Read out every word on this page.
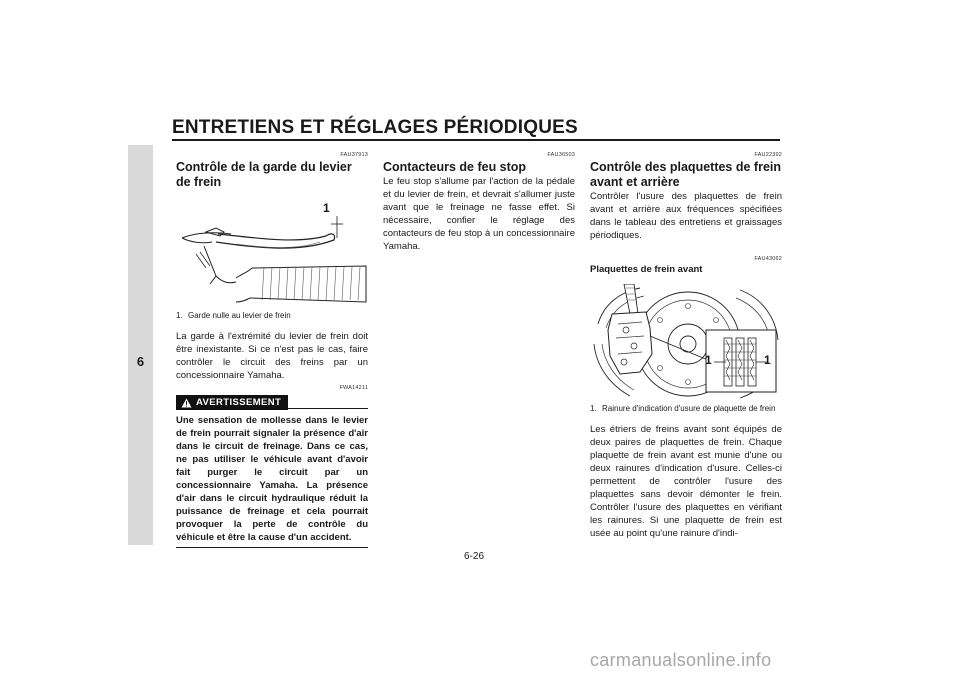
ENTRETIENS ET RÉGLAGES PÉRIODIQUES
6
FAU37913
Contrôle de la garde du levier de frein
1
1. Garde nulle au levier de frein

La garde à l'extrémité du levier de frein doit être inexistante. Si ce n'est pas le cas, faire contrôler le circuit des freins par un concessionnaire Yamaha.

FWA14211
AVERTISSEMENT

Une sensation de mollesse dans le levier de frein pourrait signaler la présence d'air dans le circuit de freinage. Dans ce cas, ne pas utiliser le véhicule avant d'avoir fait purger le circuit par un concessionnaire Yamaha. La présence d'air dans le circuit hydraulique réduit la puissance de freinage et cela pourrait provoquer la perte de contrôle du véhicule et être la cause d'un accident.

FAU36503
Contacteurs de feu stop

Le feu stop s'allume par l'action de la pédale et du levier de frein, et devrait s'allumer juste avant que le freinage ne fasse effet. Si nécessaire, confier le réglage des contacteurs de feu stop à un concessionnaire Yamaha.

FAU22392
Contrôle des plaquettes de frein avant et arrière

Contrôler l'usure des plaquettes de frein avant et arrière aux fréquences spécifiées dans le tableau des entretiens et graissages périodiques.

FAU43062
Plaquettes de frein avant
1	1
1. Rainure d'indication d'usure de plaquette de frein

Les étriers de freins avant sont équipés de deux paires de plaquettes de frein. Chaque plaquette de frein avant est munie d'une ou deux rainures d'indication d'usure. Celles-ci permettent de contrôler l'usure des plaquettes sans devoir démonter le frein. Contrôler l'usure des plaquettes en vérifiant les rainures. Si une plaquette de frein est usée au point qu'une rainure d'indi-

6-26
carmanualsonline.info
